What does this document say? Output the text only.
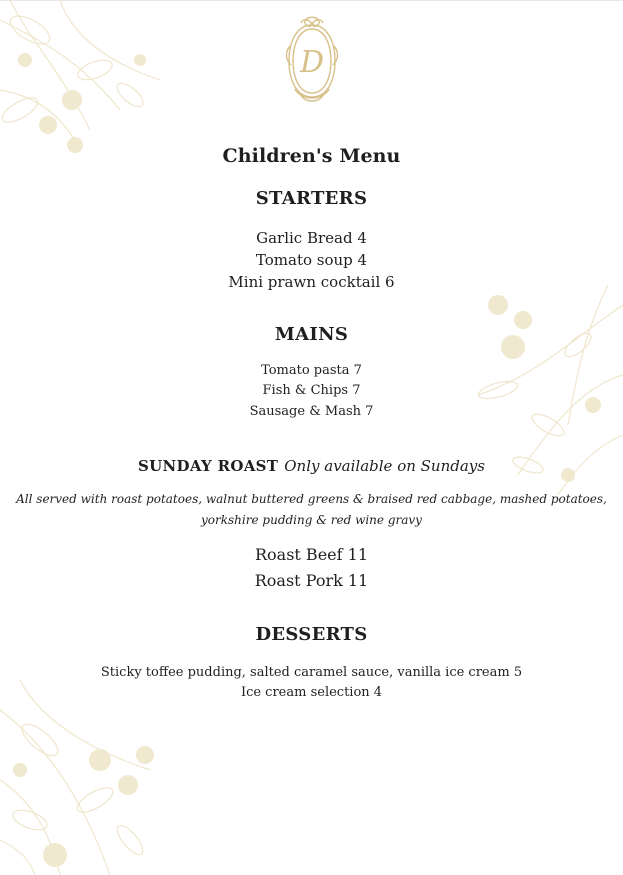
D
Children's Menu
STARTERS
Garlic Bread 4
Tomato soup 4
Mini prawn cocktail 6
MAINS
Tomato pasta 7
Fish & Chips 7
Sausage & Mash 7
SUNDAY ROAST Only available on Sundays
All served with roast potatoes, walnut buttered greens & braised red cabbage, mashed potatoes,
yorkshire pudding & red wine gravy
Roast Beef 11
Roast Pork 11
DESSERTS
Sticky toffee pudding, salted caramel sauce, vanilla ice cream 5
Ice cream selection 4
